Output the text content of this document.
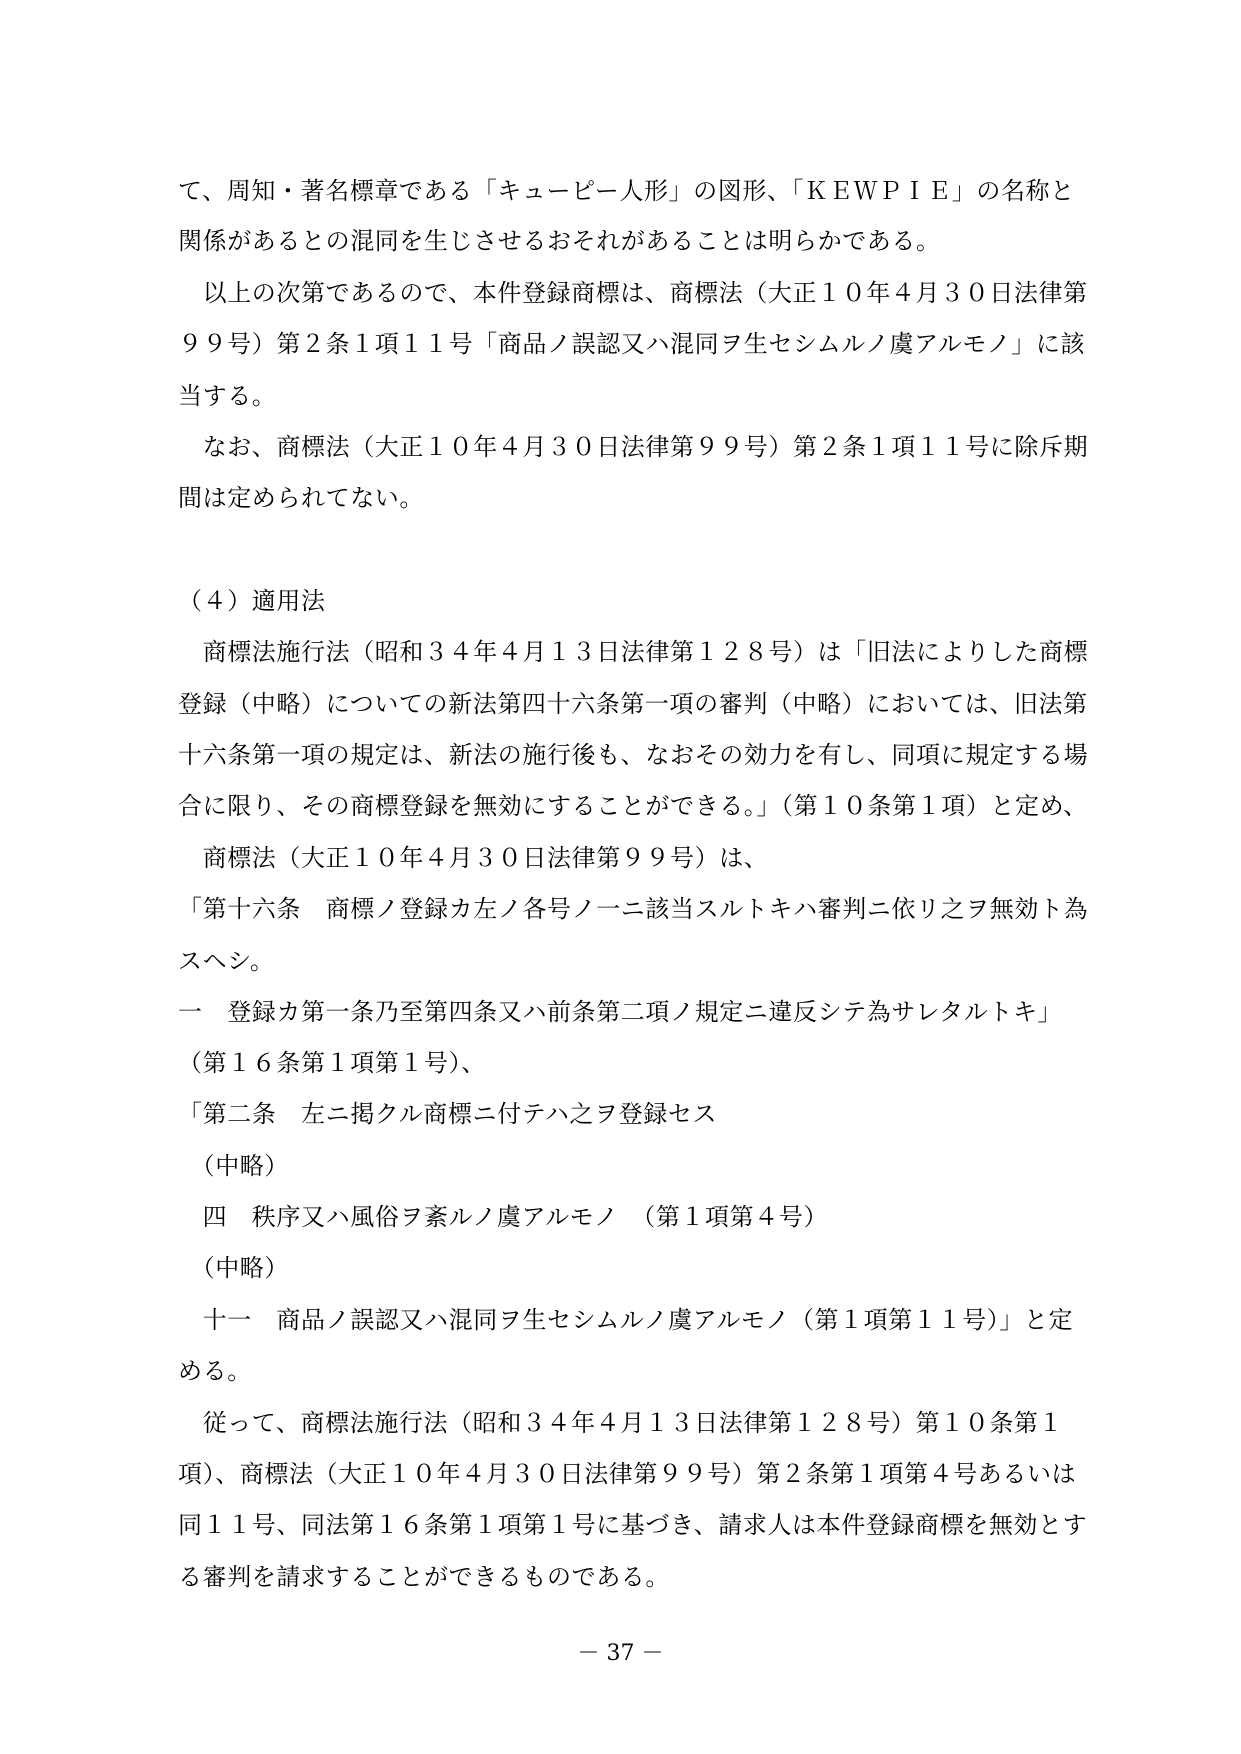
て、周知・著名標章である「キューピー人形」の図形、「ＫＥＷＰＩＥ」の名称と
関係があるとの混同を生じさせるおそれがあることは明らかである。
　以上の次第であるので、本件登録商標は、商標法（大正１０年４月３０日法律第
９９号）第２条１項１１号「商品ノ誤認又ハ混同ヲ生セシムルノ虞アルモノ」に該
当する。
　なお、商標法（大正１０年４月３０日法律第９９号）第２条１項１１号に除斥期
間は定められてない。
（４）適用法
　商標法施行法（昭和３４年４月１３日法律第１２８号）は「旧法によりした商標
登録（中略）についての新法第四十六条第一項の審判（中略）においては、旧法第
十六条第一項の規定は、新法の施行後も、なおその効力を有し、同項に規定する場
合に限り、その商標登録を無効にすることができる。」（第１０条第１項）と定め、
　商標法（大正１０年４月３０日法律第９９号）は、
「第十六条　商標ノ登録カ左ノ各号ノ一ニ該当スルトキハ審判ニ依リ之ヲ無効ト為
スヘシ。
一　登録カ第一条乃至第四条又ハ前条第二項ノ規定ニ違反シテ為サレタルトキ」
（第１６条第１項第１号）、
「第二条　左ニ掲クル商標ニ付テハ之ヲ登録セス
　（中略）
　四　秩序又ハ風俗ヲ紊ルノ虞アルモノ　（第１項第４号）
　（中略）
　十一　商品ノ誤認又ハ混同ヲ生セシムルノ虞アルモノ（第１項第１１号）」と定
める。
　従って、商標法施行法（昭和３４年４月１３日法律第１２８号）第１０条第１
項）、商標法（大正１０年４月３０日法律第９９号）第２条第１項第４号あるいは
同１１号、同法第１６条第１項第１号に基づき、請求人は本件登録商標を無効とす
る審判を請求することができるものである。
－ 37 －
